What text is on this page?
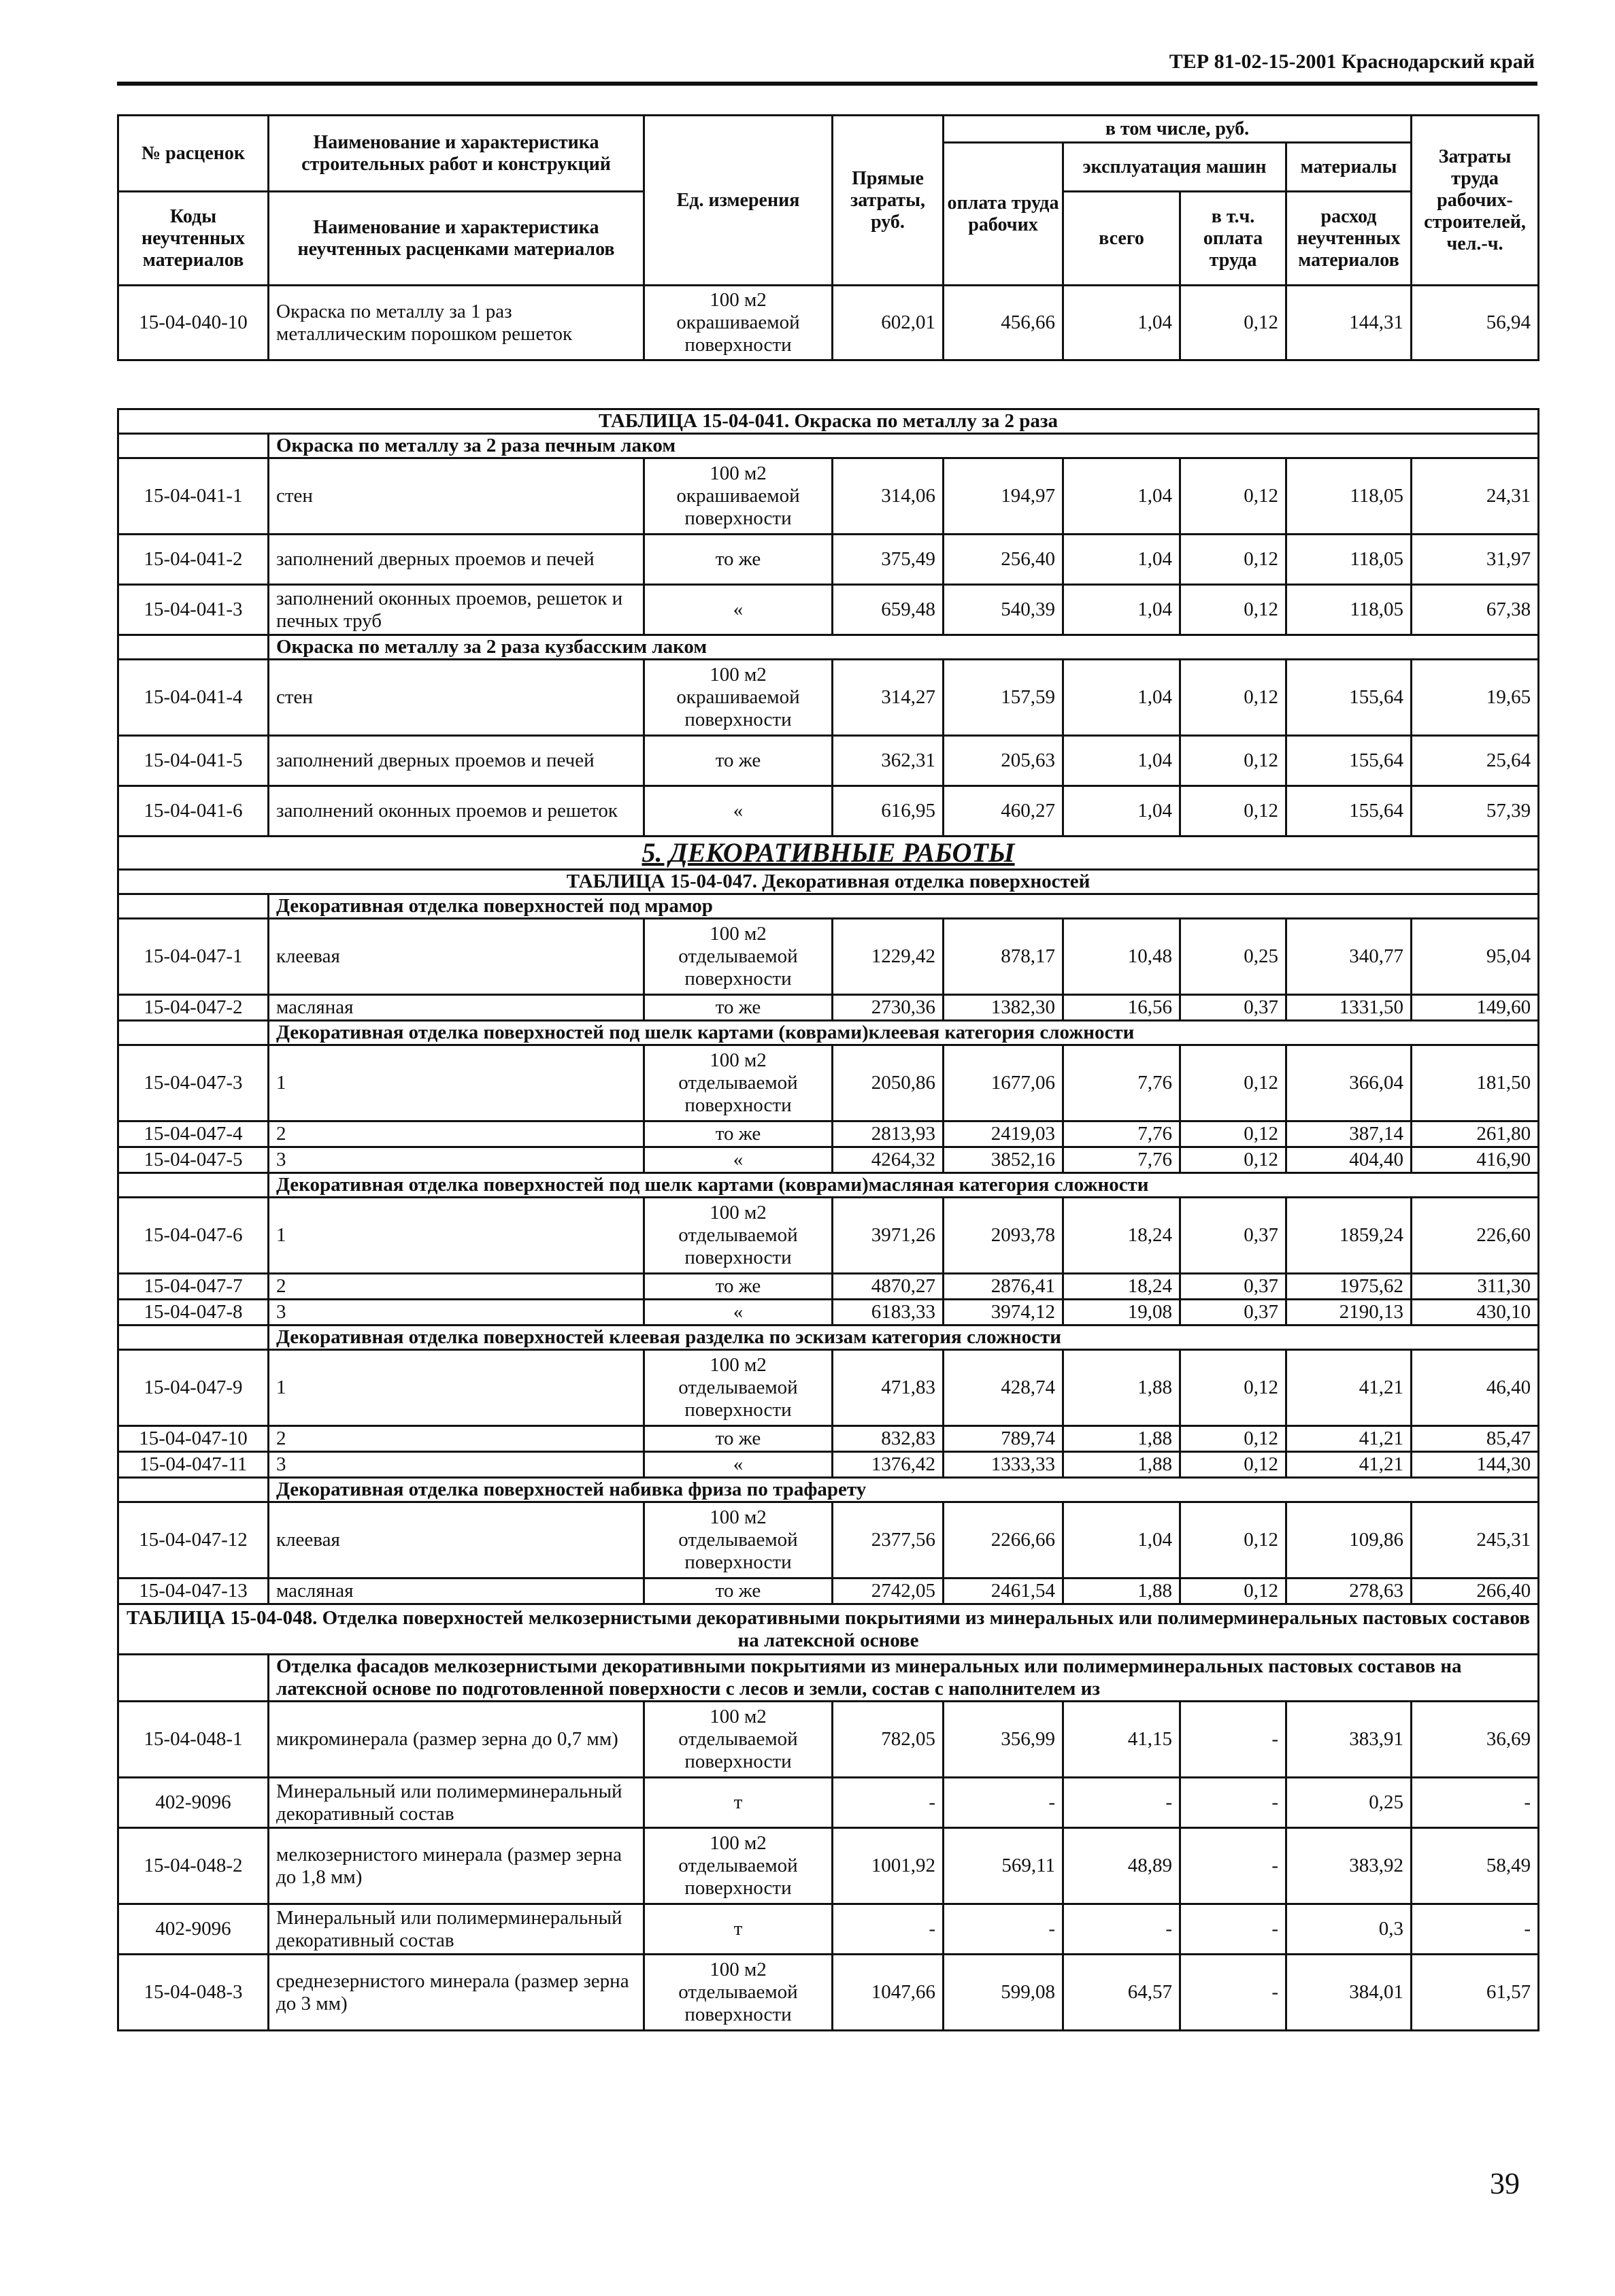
ТЕР 81-02-15-2001 Краснодарский край
№ расценок	Наименование и характеристика строительных работ и конструкций	Ед. измерения	Прямые затраты, руб.	в том числе, руб.				Затраты труда рабочих-строителей, чел.-ч.
				оплата труда рабочих	эксплуатация машин		материалы	
Коды неучтенных материалов	Наименование и характеристика неучтенных расценками материалов				всего	в т.ч. оплата труда	расход неучтенных материалов	
15-04-040-10	Окраска по металлу за 1 раз металлическим порошком решеток	100 м2 окрашиваемой поверхности	602,01	456,66	1,04	0,12	144,31	56,94
ТАБЛИЦА 15-04-041. Окраска по металлу за 2 раза								
	Окраска по металлу за 2 раза печным лаком							
15-04-041-1	стен	100 м2 окрашиваемой поверхности	314,06	194,97	1,04	0,12	118,05	24,31
15-04-041-2	заполнений дверных проемов и печей	то же	375,49	256,40	1,04	0,12	118,05	31,97
15-04-041-3	заполнений оконных проемов, решеток и печных труб	«	659,48	540,39	1,04	0,12	118,05	67,38
	Окраска по металлу за 2 раза кузбасским лаком							
15-04-041-4	стен	100 м2 окрашиваемой поверхности	314,27	157,59	1,04	0,12	155,64	19,65
15-04-041-5	заполнений дверных проемов и печей	то же	362,31	205,63	1,04	0,12	155,64	25,64
15-04-041-6	заполнений оконных проемов и решеток	«	616,95	460,27	1,04	0,12	155,64	57,39
5. ДЕКОРАТИВНЫЕ РАБОТЫ								
ТАБЛИЦА 15-04-047. Декоративная отделка поверхностей								
	Декоративная отделка поверхностей под мрамор							
15-04-047-1	клеевая	100 м2 отделываемой поверхности	1229,42	878,17	10,48	0,25	340,77	95,04
15-04-047-2	масляная	то же	2730,36	1382,30	16,56	0,37	1331,50	149,60
	Декоративная отделка поверхностей под шелк картами (коврами)клеевая категория сложности							
15-04-047-3	1	100 м2 отделываемой поверхности	2050,86	1677,06	7,76	0,12	366,04	181,50
15-04-047-4	2	то же	2813,93	2419,03	7,76	0,12	387,14	261,80
15-04-047-5	3	«	4264,32	3852,16	7,76	0,12	404,40	416,90
	Декоративная отделка поверхностей под шелк картами (коврами)масляная категория сложности							
15-04-047-6	1	100 м2 отделываемой поверхности	3971,26	2093,78	18,24	0,37	1859,24	226,60
15-04-047-7	2	то же	4870,27	2876,41	18,24	0,37	1975,62	311,30
15-04-047-8	3	«	6183,33	3974,12	19,08	0,37	2190,13	430,10
	Декоративная отделка поверхностей клеевая разделка по эскизам категория сложности							
15-04-047-9	1	100 м2 отделываемой поверхности	471,83	428,74	1,88	0,12	41,21	46,40
15-04-047-10	2	то же	832,83	789,74	1,88	0,12	41,21	85,47
15-04-047-11	3	«	1376,42	1333,33	1,88	0,12	41,21	144,30
	Декоративная отделка поверхностей набивка фриза по трафарету							
15-04-047-12	клеевая	100 м2 отделываемой поверхности	2377,56	2266,66	1,04	0,12	109,86	245,31
15-04-047-13	масляная	то же	2742,05	2461,54	1,88	0,12	278,63	266,40
ТАБЛИЦА 15-04-048. Отделка поверхностей мелкозернистыми декоративными покрытиями из минеральных или полимерминеральных пастовых составов на латексной основе								
	Отделка фасадов мелкозернистыми декоративными покрытиями из минеральных или полимерминеральных пастовых составов на латексной основе по подготовленной поверхности с лесов и земли, состав с наполнителем из							
15-04-048-1	микроминерала (размер зерна до 0,7 мм)	100 м2 отделываемой поверхности	782,05	356,99	41,15	-	383,91	36,69
402-9096	Минеральный или полимерминеральный декоративный состав	т	-	-	-	-	0,25	-
15-04-048-2	мелкозернистого минерала (размер зерна до 1,8 мм)	100 м2 отделываемой поверхности	1001,92	569,11	48,89	-	383,92	58,49
402-9096	Минеральный или полимерминеральный декоративный состав	т	-	-	-	-	0,3	-
15-04-048-3	среднезернистого минерала (размер зерна до 3 мм)	100 м2 отделываемой поверхности	1047,66	599,08	64,57	-	384,01	61,57
39
